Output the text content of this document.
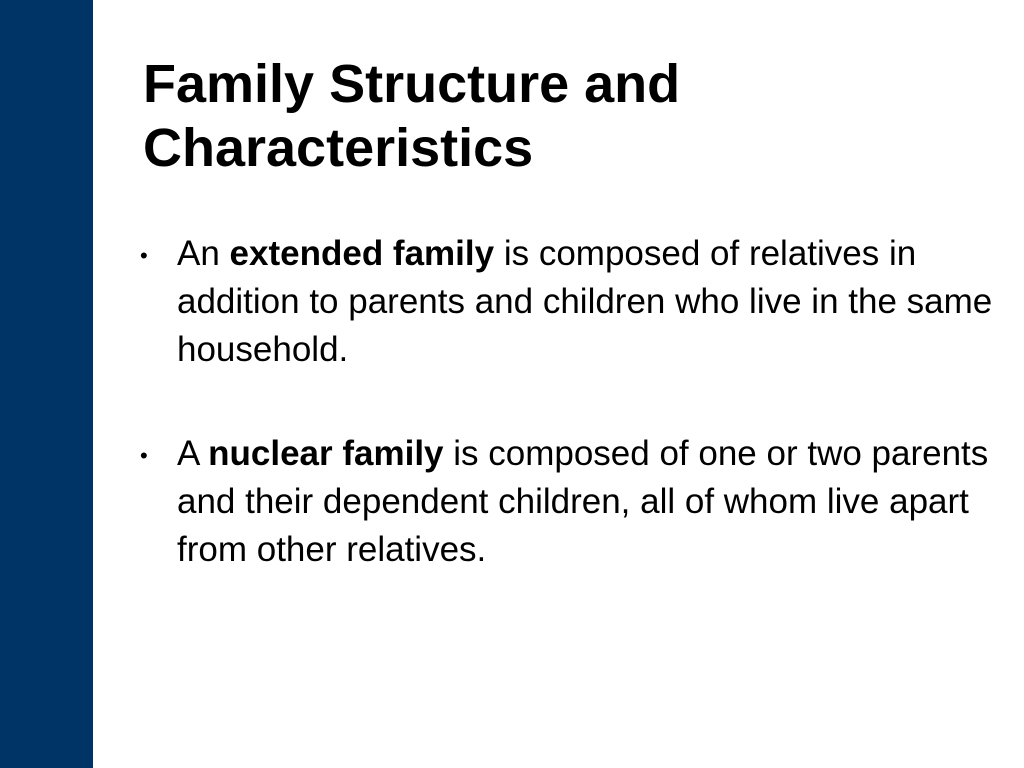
Family Structure and
Characteristics
• An extended family is composed of relatives in addition to parents and children who live in the same household.
• A nuclear family is composed of one or two parents and their dependent children, all of whom live apart from other relatives.
